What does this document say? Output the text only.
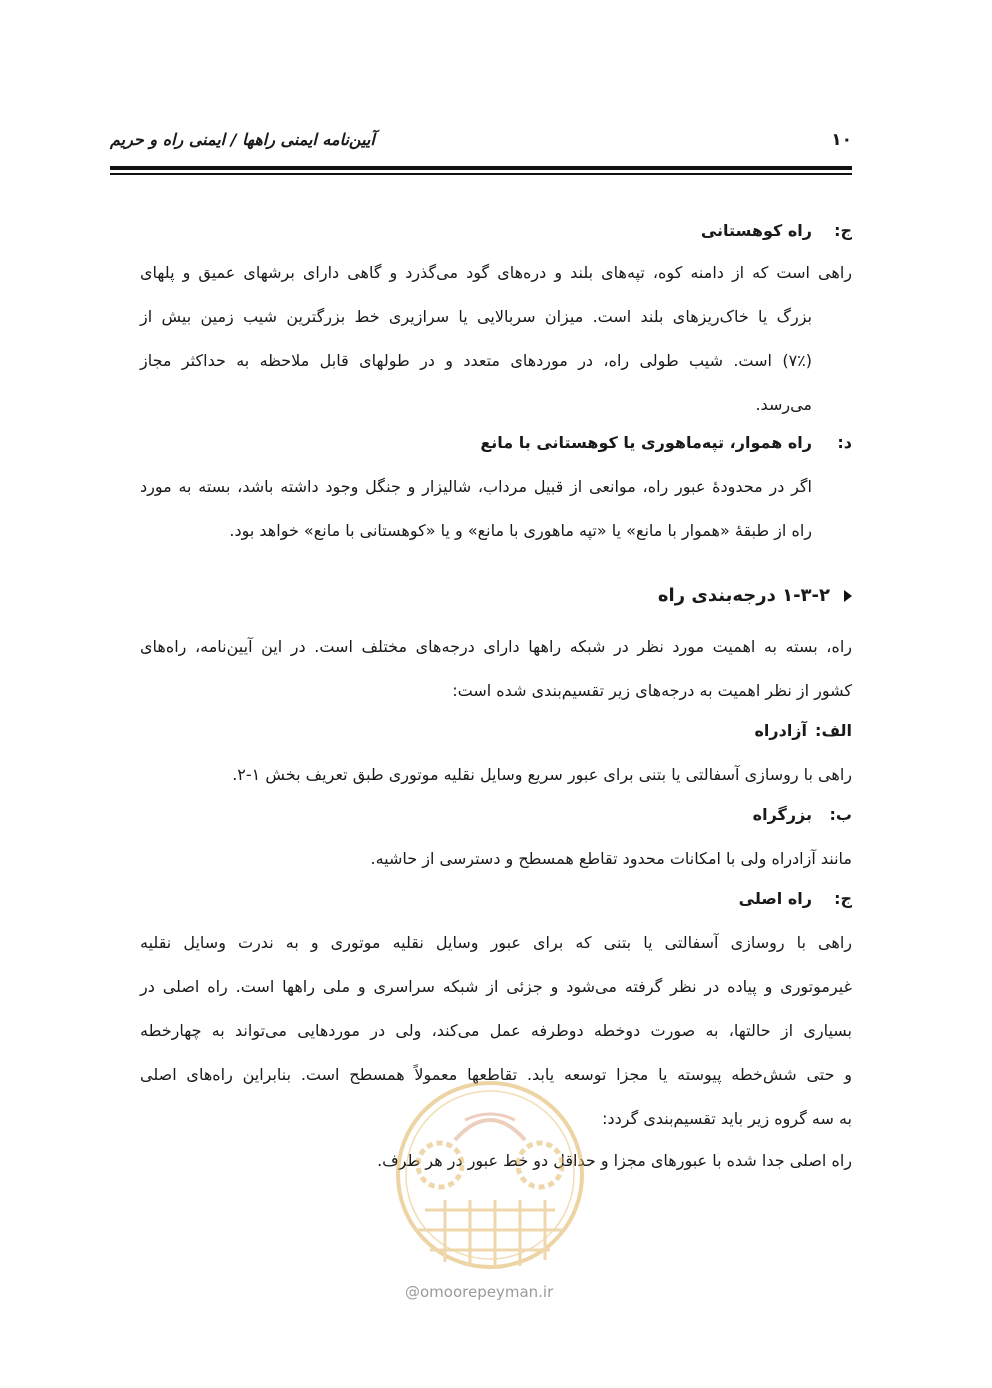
آیین‌نامه ایمنی راهها / ایمنی راه و حریم	۱۰
ج:
راه کوهستانی
راهی است که از دامنه کوه، تپه‌های بلند و دره‌های گود می‌گذرد و گاهی دارای برشهای عمیق و پلهای
بزرگ یا خاک‌ریزهای بلند است. میزان سربالایی یا سرازیری خط بزرگترین شیب زمین بیش از
(۷٪) است. شیب طولی راه، در موردهای متعدد و در طولهای قابل ملاحظه به حداکثر مجاز
می‌رسد.
د:
راه هموار، تپه‌ماهوری یا کوهستانی با مانع
اگر در محدودهٔ عبور راه، موانعی از قبیل مرداب، شالیزار و جنگل وجود داشته باشد، بسته به مورد
راه از طبقهٔ «هموار با مانع» یا «تپه ماهوری با مانع» و یا «کوهستانی با مانع» خواهد بود.
۱-۳-۲ درجه‌بندی راه
راه، بسته به اهمیت مورد نظر در شبکه راهها دارای درجه‌های مختلف است. در این آیین‌نامه، راه‌های
کشور از نظر اهمیت به درجه‌های زیر تقسیم‌بندی شده است:
الف:
آزادراه
راهی با روسازی آسفالتی یا بتنی برای عبور سریع وسایل نقلیه موتوری طبق تعریف بخش ۱-۲.
ب:
بزرگراه
مانند آزادراه ولی با امکانات محدود تقاطع همسطح و دسترسی از حاشیه.
ج:
راه اصلی
راهی با روسازی آسفالتی یا بتنی که برای عبور وسایل نقلیه موتوری و به ندرت وسایل نقلیه
غیرموتوری و پیاده در نظر گرفته می‌شود و جزئی از شبکه سراسری و ملی راهها است. راه اصلی در
بسیاری از حالتها، به صورت دوخطه دوطرفه عمل می‌کند، ولی در موردهایی می‌تواند به چهارخطه
و حتی شش‌خطه پیوسته یا مجزا توسعه یابد. تقاطعها معمولاً همسطح است. بنابراین راه‌های اصلی
به سه گروه زیر باید تقسیم‌بندی گردد:
راه اصلی جدا شده با عبورهای مجزا و حداقل دو خط عبور در هر طرف.
@omoorepeyman.ir
